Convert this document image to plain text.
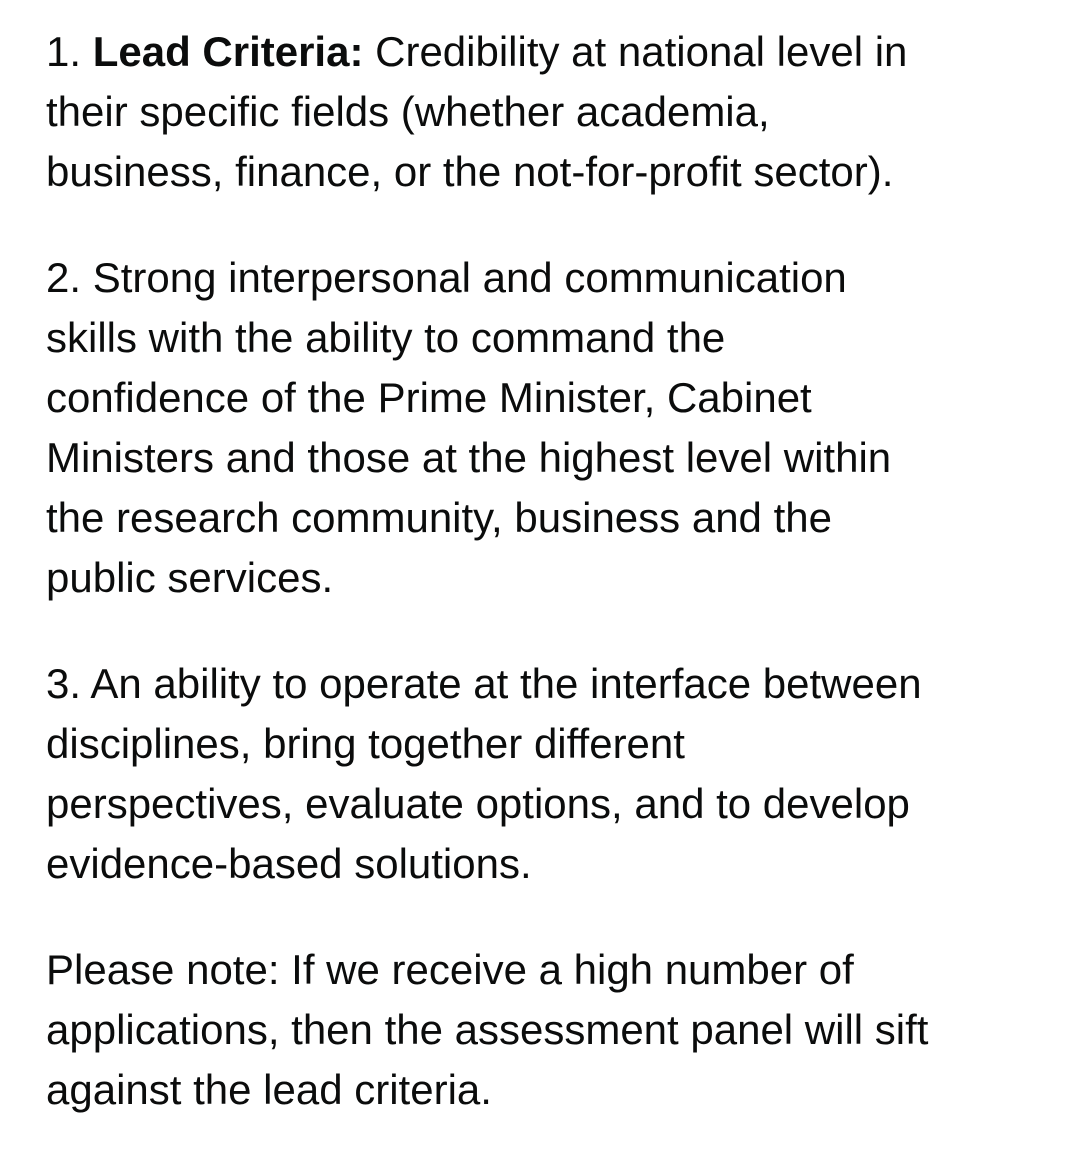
1. Lead Criteria: Credibility at national level in
their specific fields (whether academia,
business, finance, or the not-for-profit sector).

2. Strong interpersonal and communication
skills with the ability to command the
confidence of the Prime Minister, Cabinet
Ministers and those at the highest level within
the research community, business and the
public services.

3. An ability to operate at the interface between
disciplines, bring together different
perspectives, evaluate options, and to develop
evidence-based solutions.

Please note: If we receive a high number of
applications, then the assessment panel will sift
against the lead criteria.
